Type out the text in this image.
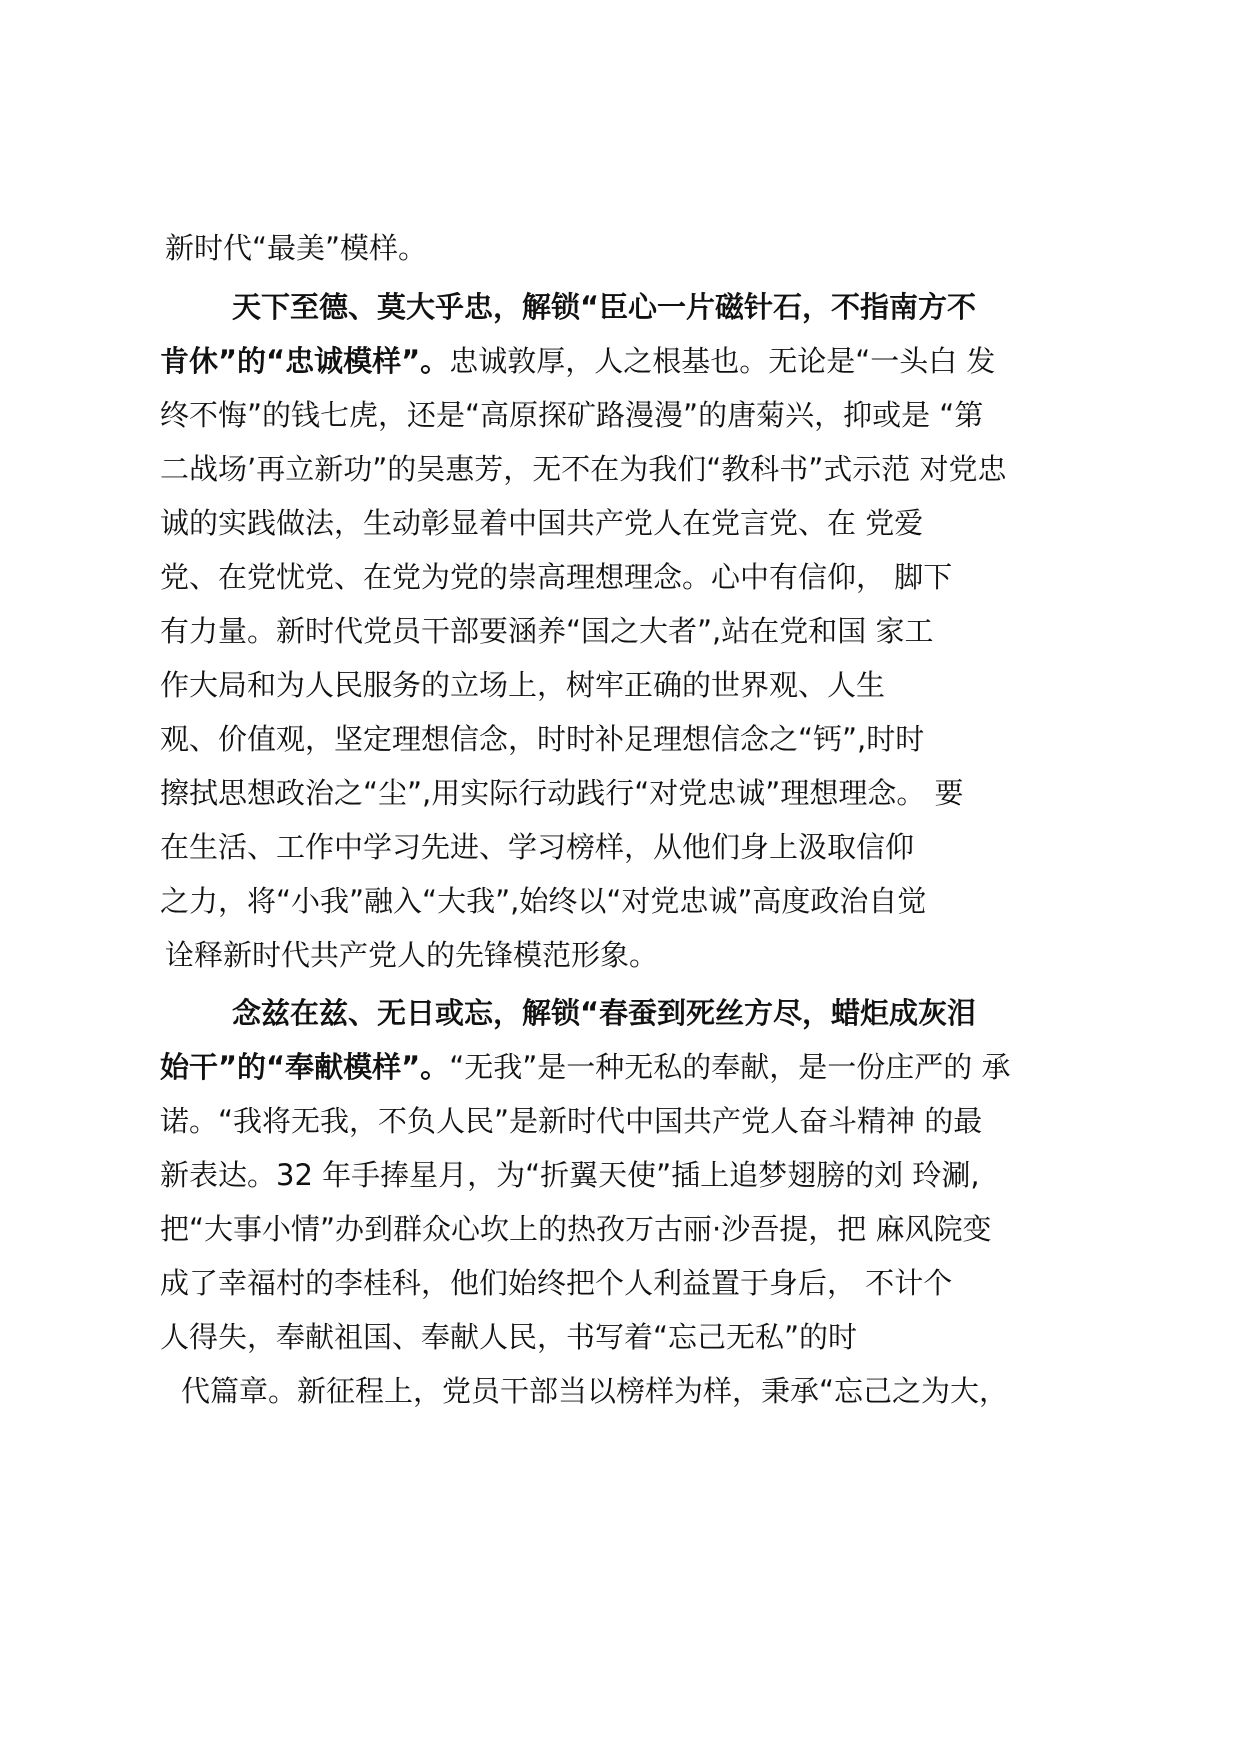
新时代“最美”模样。
天下至德、莫大乎忠，解锁“臣心一片磁针石，不指南方不
肯休”的“忠诚模样”。忠诚敦厚，人之根基也。无论是“一头白 发
终不悔”的钱七虎，还是“高原探矿路漫漫”的唐菊兴，抑或是 “第
二战场’再立新功”的吴惠芳，无不在为我们“教科书”式示范 对党忠
诚的实践做法，生动彰显着中国共产党人在党言党、在 党爱
党、在党忧党、在党为党的崇高理想理念。心中有信仰， 脚下
有力量。新时代党员干部要涵养“国之大者”,站在党和国 家工
作大局和为人民服务的立场上，树牢正确的世界观、人生
观、价值观，坚定理想信念，时时补足理想信念之“钙”,时时
擦拭思想政治之“尘”,用实际行动践行“对党忠诚”理想理念。 要
在生活、工作中学习先进、学习榜样，从他们身上汲取信仰
之力，将“小我”融入“大我”,始终以“对党忠诚”高度政治自觉
诠释新时代共产党人的先锋模范形象。
念兹在兹、无日或忘，解锁“春蚕到死丝方尽，蜡炬成灰泪
始干”的“奉献模样”。“无我”是一种无私的奉献，是一份庄严的 承
诺。“我将无我，不负人民”是新时代中国共产党人奋斗精神 的最
新表达。32 年手捧星月，为“折翼天使”插上追梦翅膀的刘 玲涮,
把“大事小情”办到群众心坎上的热孜万古丽·沙吾提，把 麻风院变
成了幸福村的李桂科，他们始终把个人利益置于身后， 不计个
人得失，奉献祖国、奉献人民，书写着“忘己无私”的时
代篇章。新征程上，党员干部当以榜样为样，秉承“忘己之为大，
